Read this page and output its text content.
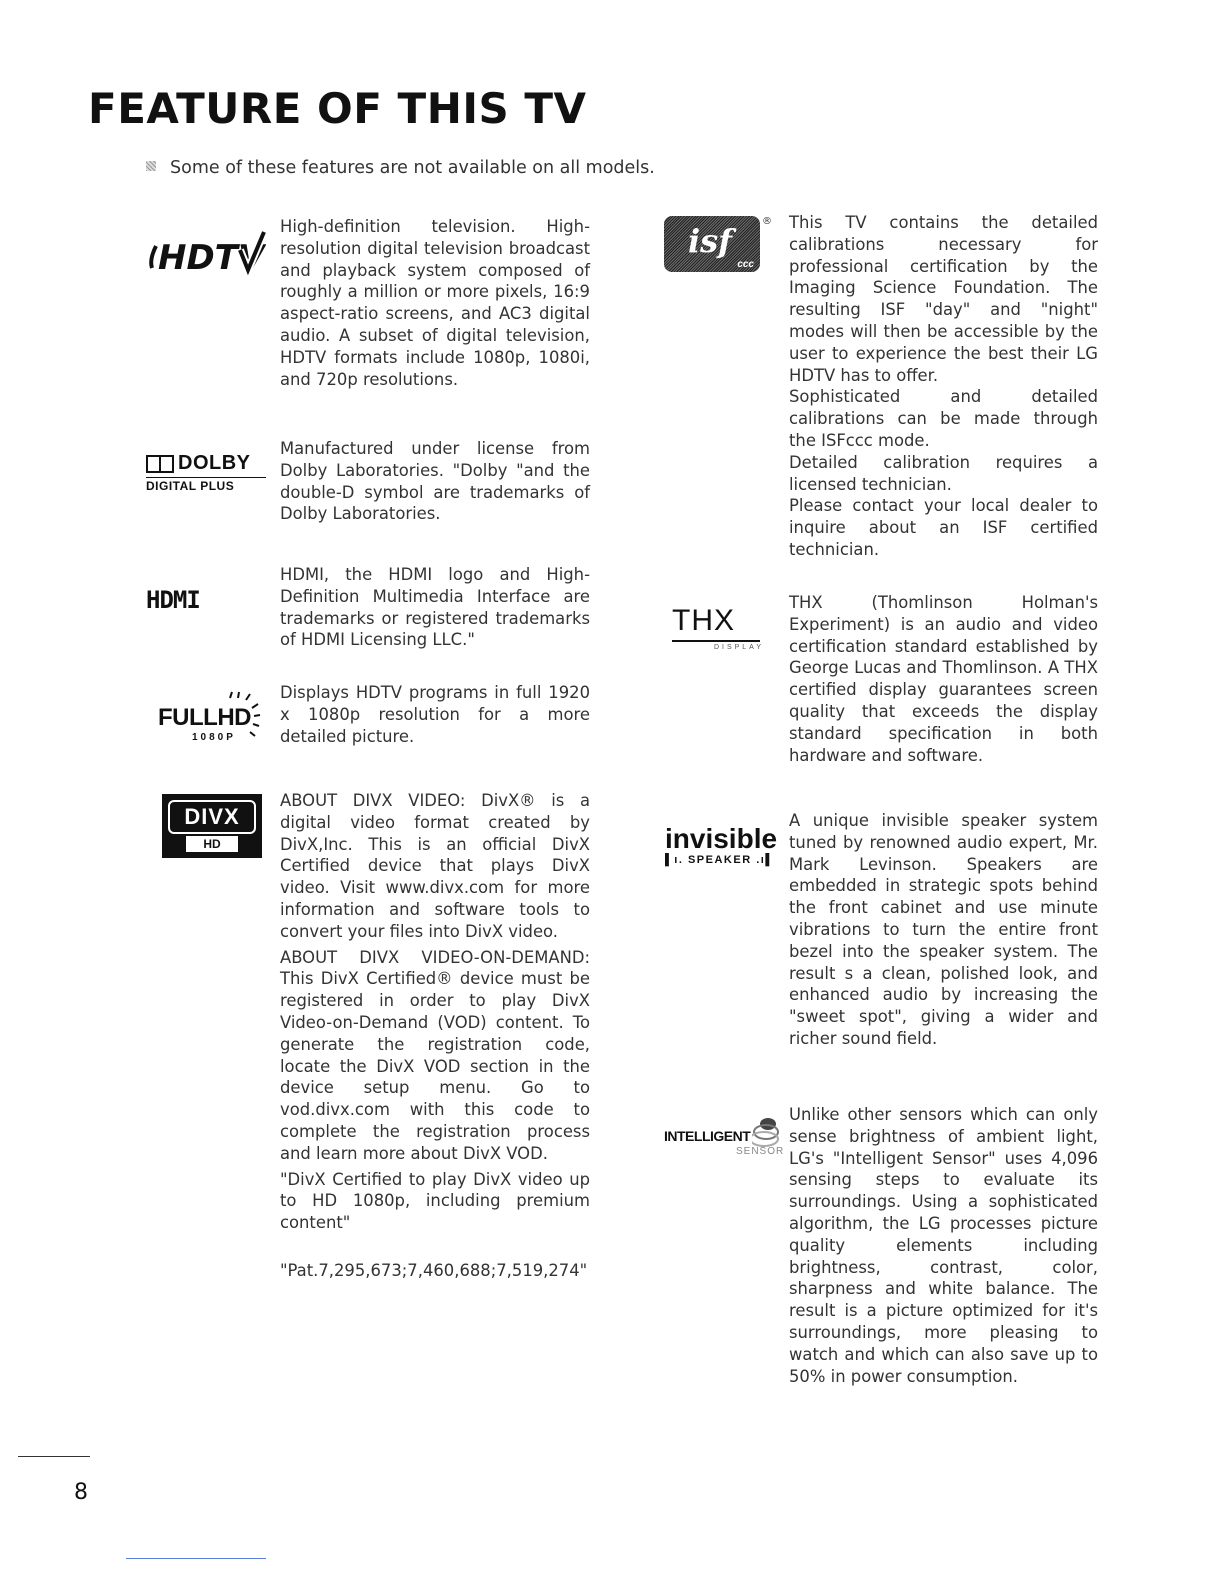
FEATURE OF THIS TV
Some of these features are not available on all models.
HDTV
High-definition television. High-resolution digital television broadcast and playback system composed of roughly a million or more pixels, 16:9 aspect-ratio screens, and AC3 digital audio. A subset of digital television, HDTV formats include 1080p, 1080i, and 720p resolutions.
DOLBY
DIGITAL PLUS
Manufactured under license from Dolby Laboratories. "Dolby "and the double-D symbol are trademarks of Dolby Laboratories.
HDMI
HDMI, the HDMI logo and High-Definition Multimedia Interface are trademarks or registered trademarks of HDMI Licensing LLC."
FULLHD
1080P
Displays HDTV programs in full 1920 x 1080p resolution for a more detailed picture.
DIVX
HD

ABOUT DIVX VIDEO: DivX® is a digital video format created by DivX,Inc. This is an official DivX Certified device that plays DivX video. Visit www.divx.com for more information and software tools to convert your files into DivX video.

ABOUT DIVX VIDEO-ON-DEMAND: This DivX Certified® device must be registered in order to play DivX Video-on-Demand (VOD) content. To generate the registration code, locate the DivX VOD section in the device setup menu. Go to vod.divx.com with this code to complete the registration process and learn more about DivX VOD.

"DivX Certified to play DivX video up to HD 1080p, including premium content"

"Pat.7,295,673;7,460,688;7,519,274"

isf
ccc
® This TV contains the detailed calibrations necessary for professional certification by the Imaging Science Foundation. The resulting ISF "day" and "night" modes will then be accessible by the user to experience the best their LG HDTV has to offer.

Sophisticated and detailed calibrations can be made through the ISFccc mode.

Detailed calibration requires a licensed technician.

Please contact your local dealer to inquire about an ISF certified technician.

THX
DISPLAY
THX (Thomlinson Holman's Experiment) is an audio and video certification standard established by George Lucas and Thomlinson. A THX certified display guarantees screen quality that exceeds the display standard specification in both hardware and software.
invisible
▌ı. SPEAKER .ı▌
A unique invisible speaker system tuned by renowned audio expert, Mr. Mark Levinson. Speakers are embedded in strategic spots behind the front cabinet and use minute vibrations to turn the entire front bezel into the speaker system. The result s a clean, polished look, and enhanced audio by increasing the "sweet spot", giving a wider and richer sound field.
INTELLIGENT
SENSOR
Unlike other sensors which can only sense brightness of ambient light, LG's "Intelligent Sensor" uses 4,096 sensing steps to evaluate its surroundings. Using a sophisticated algorithm, the LG processes picture quality elements including brightness, contrast, color, sharpness and white balance. The result is a picture optimized for it's surroundings, more pleasing to watch and which can also save up to 50% in power consumption.
8
